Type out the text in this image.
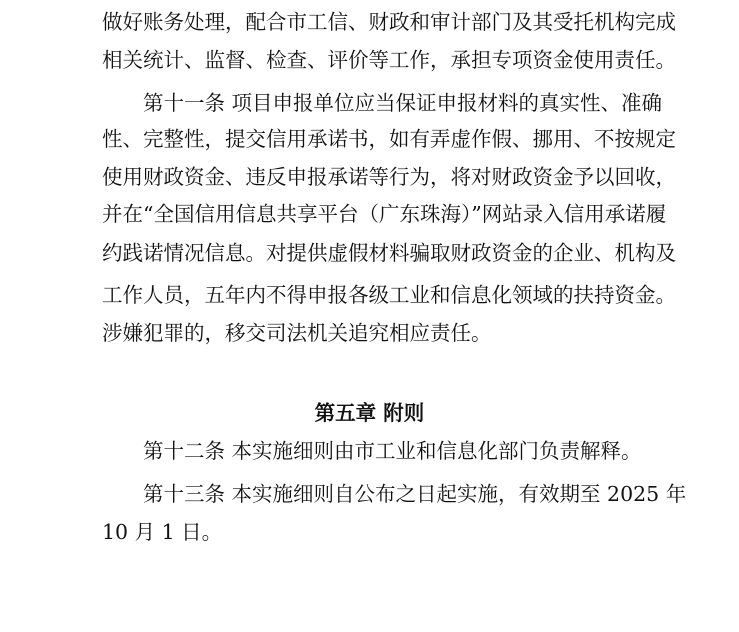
做好账务处理，配合市工信、财政和审计部门及其受托机构完成
相关统计、监督、检查、评价等工作，承担专项资金使用责任。
第十一条 项目申报单位应当保证申报材料的真实性、准确
性、完整性，提交信用承诺书，如有弄虚作假、挪用、不按规定
使用财政资金、违反申报承诺等行为，将对财政资金予以回收，
并在“全国信用信息共享平台（广东珠海）”网站录入信用承诺履
约践诺情况信息。对提供虚假材料骗取财政资金的企业、机构及
工作人员，五年内不得申报各级工业和信息化领域的扶持资金。
涉嫌犯罪的，移交司法机关追究相应责任。
第五章 附则
第十二条 本实施细则由市工业和信息化部门负责解释。
第十三条 本实施细则自公布之日起实施，有效期至 2025 年
10 月 1 日。
